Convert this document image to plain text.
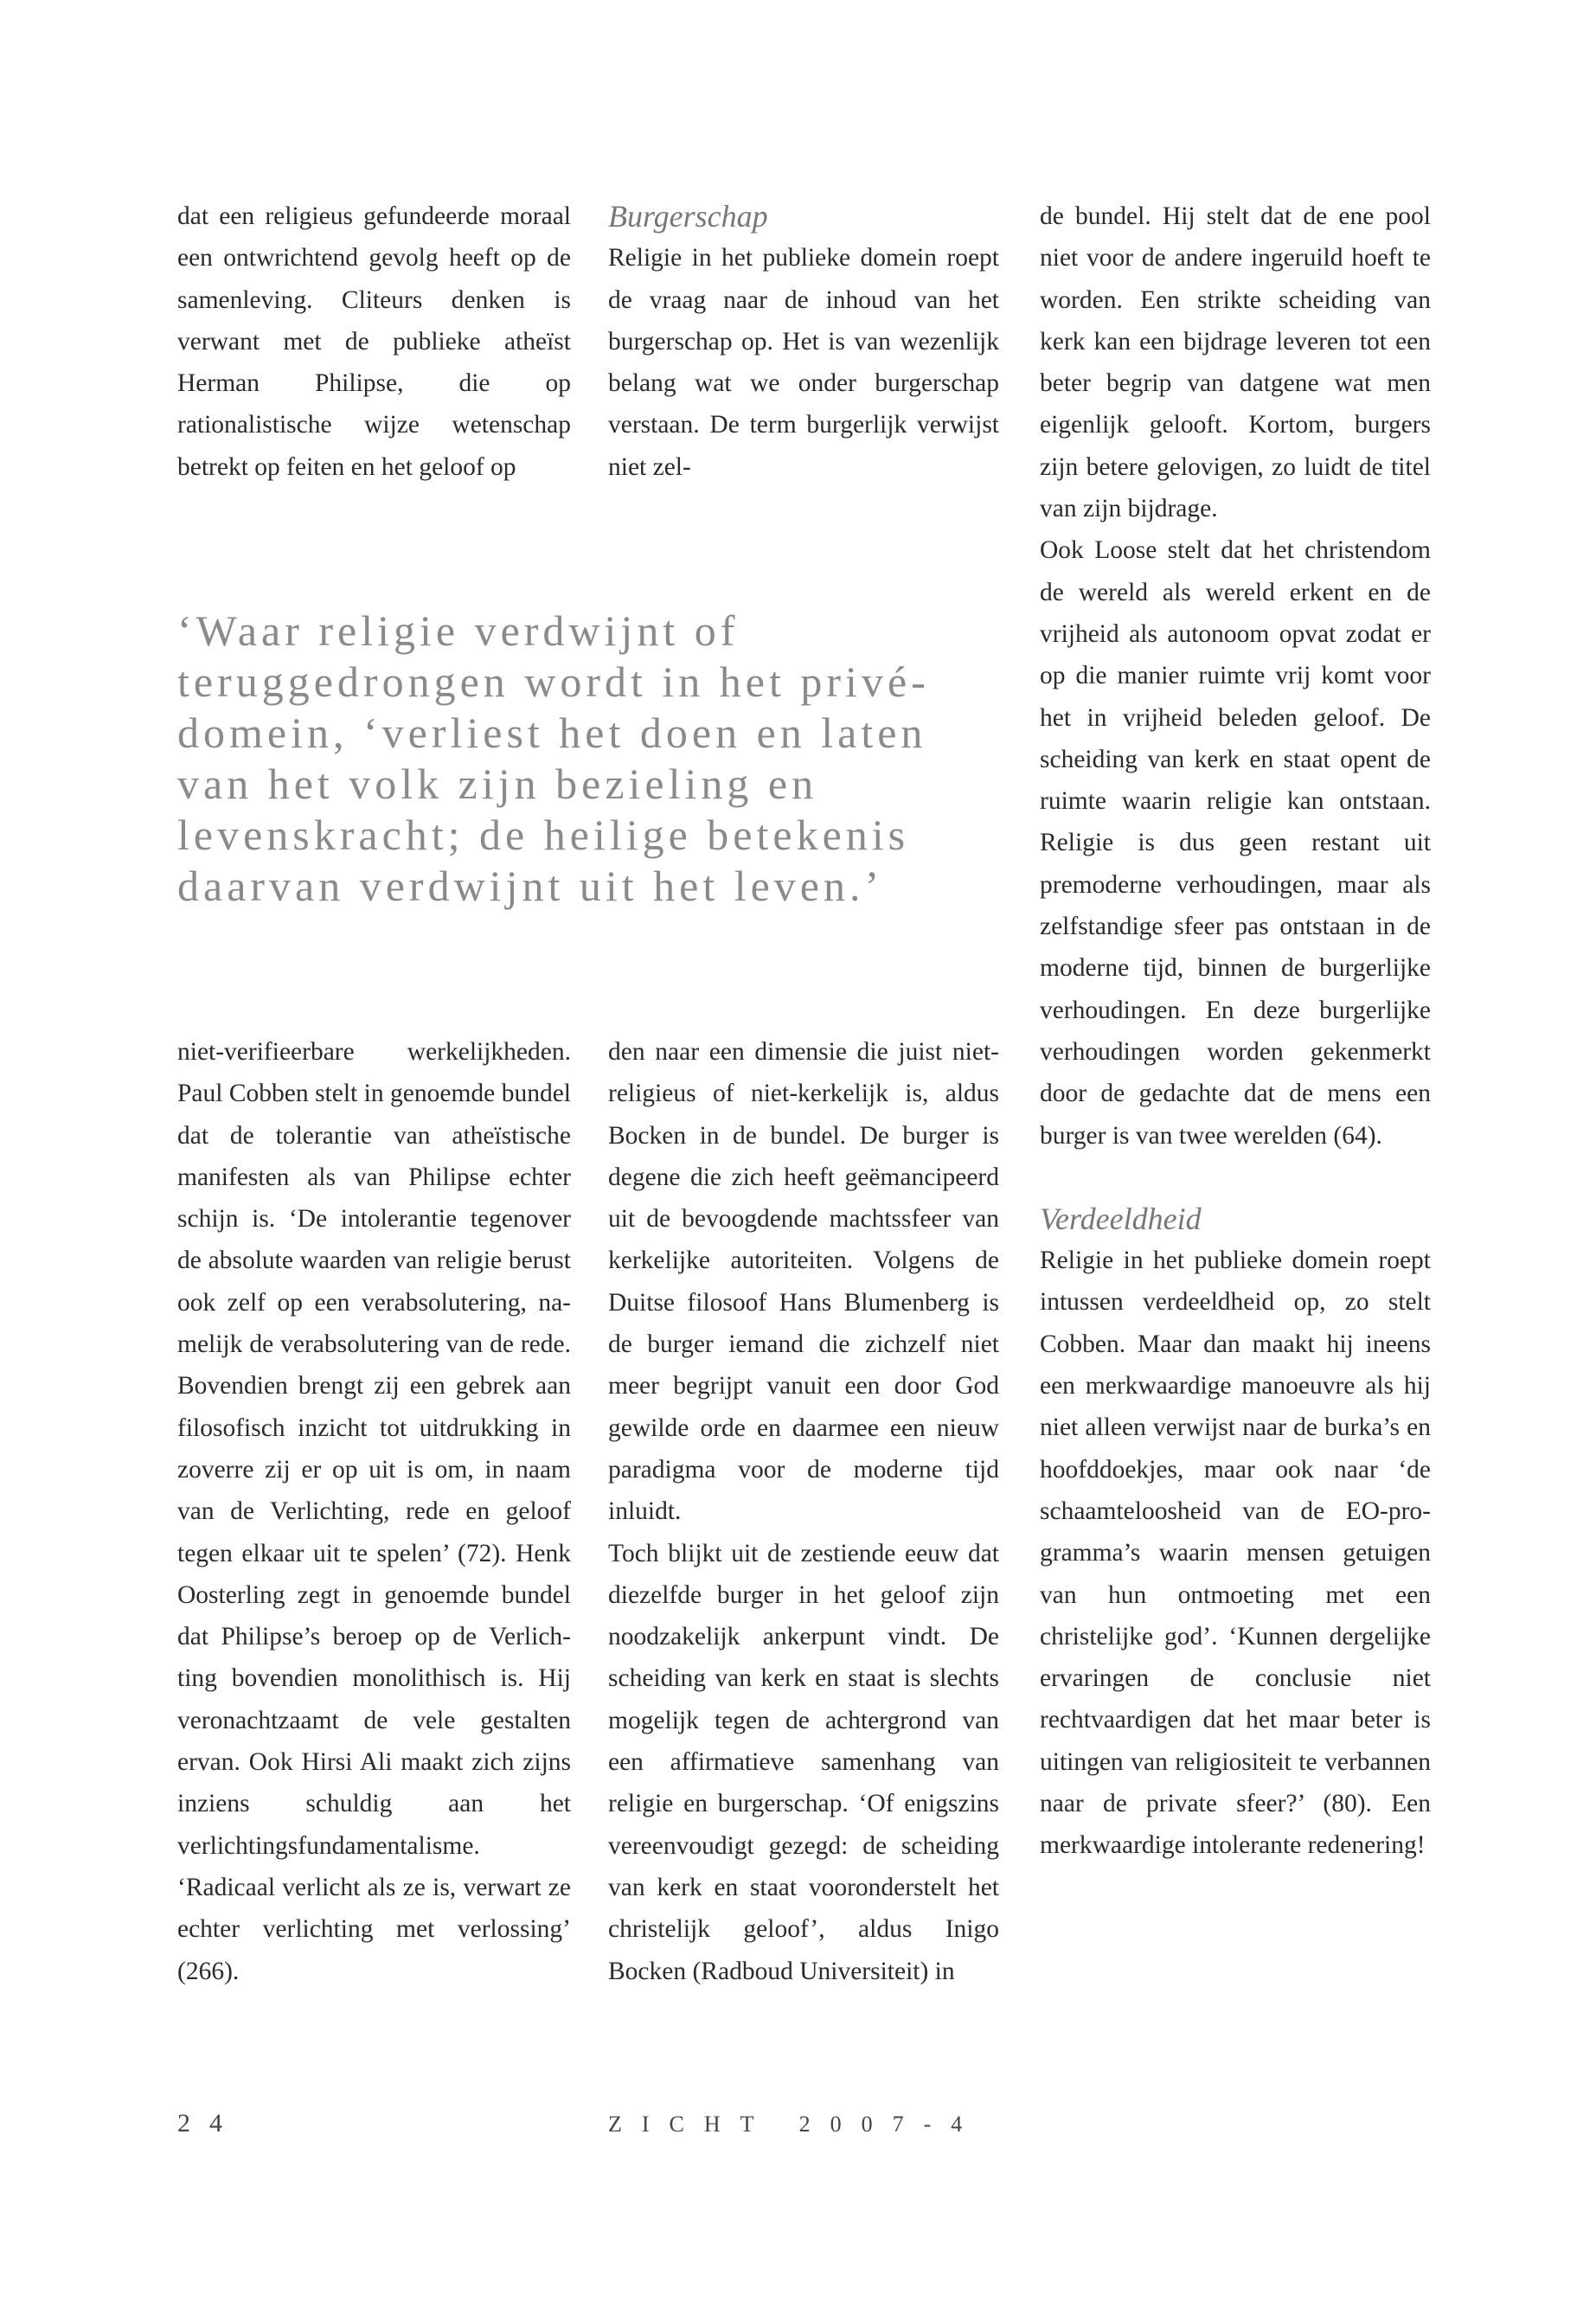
dat een religieus gefundeerde moraal een ontwrichtend gevolg heeft op de samenleving. Cliteurs denken is verwant met de publieke atheïst Herman Philipse, die op rationalistische wijze wetenschap betrekt op feiten en het geloof op

Burgerschap

Religie in het publieke domein roept de vraag naar de inhoud van het burgerschap op. Het is van wezenlijk belang wat we onder burgerschap verstaan. De term burgerlijk verwijst niet zel-

‘Waar religie verdwijnt of teruggedrongen wordt in het privé-domein, ‘verliest het doen en laten van het volk zijn bezieling en levenskracht; de heilige betekenis daarvan verdwijnt uit het leven.’

niet-verifieerbare werkelijkheden. Paul Cobben stelt in genoemde bundel dat de tolerantie van atheïstische manifesten als van Philipse echter schijn is. ‘De intolerantie tegenover de absolute waarden van religie berust ook zelf op een verabsolutering, namelijk de verabsolutering van de rede. Bovendien brengt zij een gebrek aan filosofisch inzicht tot uitdrukking in zoverre zij er op uit is om, in naam van de Verlichting, rede en geloof tegen elkaar uit te spelen’ (72). Henk Oosterling zegt in genoemde bundel dat Philipse’s beroep op de Verlichting bovendien monolithisch is. Hij veronachtzaamt de vele gestalten ervan. Ook Hirsi Ali maakt zich zijns inziens schuldig aan het verlichtingsfundamentalisme. ‘Radicaal verlicht als ze is, verwart ze echter verlichting met verlossing’ (266).

den naar een dimensie die juist niet-religieus of niet-kerkelijk is, aldus Bocken in de bundel. De burger is degene die zich heeft geëmancipeerd uit de bevoogdende machtssfeer van kerkelijke autoriteiten. Volgens de Duitse filosoof Hans Blumenberg is de burger iemand die zichzelf niet meer begrijpt vanuit een door God gewilde orde en daarmee een nieuw paradigma voor de moderne tijd inluidt.

Toch blijkt uit de zestiende eeuw dat diezelfde burger in het geloof zijn noodzakelijk ankerpunt vindt. De scheiding van kerk en staat is slechts mogelijk tegen de achtergrond van een affirmatieve samenhang van religie en burgerschap. ‘Of enigszins vereenvoudigt gezegd: de scheiding van kerk en staat vooronderstelt het christelijk geloof’, aldus Inigo Bocken (Radboud Universiteit) in

de bundel. Hij stelt dat de ene pool niet voor de andere ingeruild hoeft te worden. Een strikte scheiding van kerk kan een bijdrage leveren tot een beter begrip van datgene wat men eigenlijk gelooft. Kortom, burgers zijn betere gelovigen, zo luidt de titel van zijn bijdrage.

Ook Loose stelt dat het christendom de wereld als wereld erkent en de vrijheid als autonoom opvat zodat er op die manier ruimte vrij komt voor het in vrijheid beleden geloof. De scheiding van kerk en staat opent de ruimte waarin religie kan ontstaan. Religie is dus geen restant uit premoderne verhoudingen, maar als zelfstandige sfeer pas ontstaan in de moderne tijd, binnen de burgerlijke verhoudingen. En deze burgerlijke verhoudingen worden gekenmerkt door de gedachte dat de mens een burger is van twee werelden (64).

Verdeeldheid

Religie in het publieke domein roept intussen verdeeldheid op, zo stelt Cobben. Maar dan maakt hij ineens een merkwaardige manoeuvre als hij niet alleen verwijst naar de burka’s en hoofddoekjes, maar ook naar ‘de schaamteloosheid van de EO-programma’s waarin mensen getuigen van hun ontmoeting met een christelijke god’. ‘Kunnen dergelijke ervaringen de conclusie niet rechtvaardigen dat het maar beter is uitingen van religiositeit te verbannen naar de private sfeer?’ (80). Een merkwaardige intolerante redenering!

24	ZICHT 2007-4
